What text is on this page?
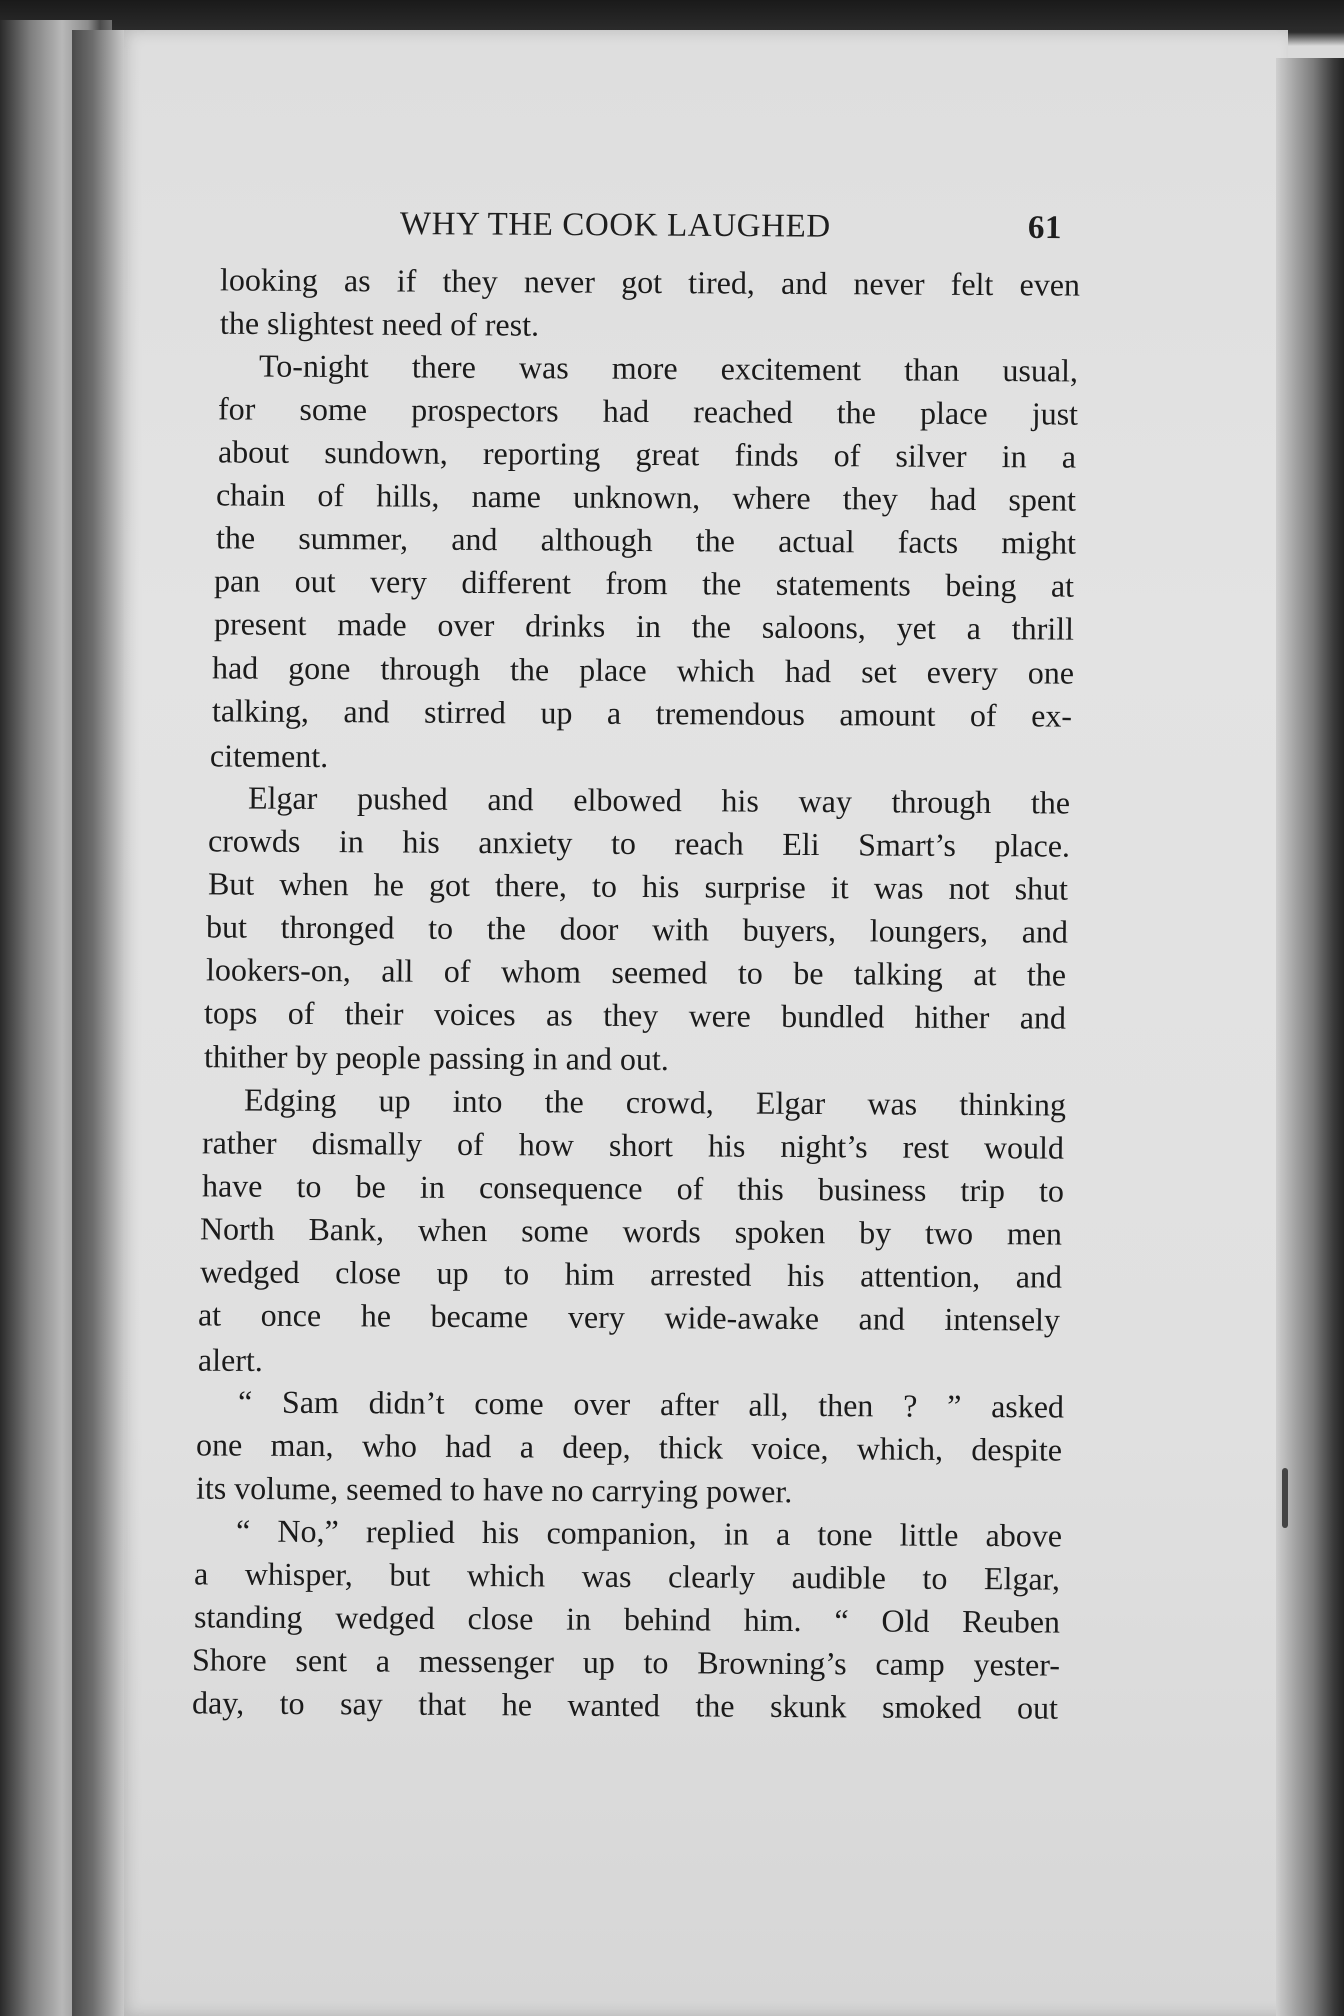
WHY THE COOK LAUGHED	61
looking as if they never got tired, and never felt even
the slightest need of rest.
To-night there was more excitement than usual,
for some prospectors had reached the place just
about sundown, reporting great finds of silver in a
chain of hills, name unknown, where they had spent
the summer, and although the actual facts might
pan out very different from the statements being at
present made over drinks in the saloons, yet a thrill
had gone through the place which had set every one
talking, and stirred up a tremendous amount of ex-
citement.
Elgar pushed and elbowed his way through the
crowds in his anxiety to reach Eli Smart’s place.
But when he got there, to his surprise it was not shut
but thronged to the door with buyers, loungers, and
lookers-on, all of whom seemed to be talking at the
tops of their voices as they were bundled hither and
thither by people passing in and out.
Edging up into the crowd, Elgar was thinking
rather dismally of how short his night’s rest would
have to be in consequence of this business trip to
North Bank, when some words spoken by two men
wedged close up to him arrested his attention, and
at once he became very wide-awake and intensely
alert.
“ Sam didn’t come over after all, then ? ” asked
one man, who had a deep, thick voice, which, despite
its volume, seemed to have no carrying power.
“ No,” replied his companion, in a tone little above
a whisper, but which was clearly audible to Elgar,
standing wedged close in behind him. “ Old Reuben
Shore sent a messenger up to Browning’s camp yester-
day, to say that he wanted the skunk smoked out
